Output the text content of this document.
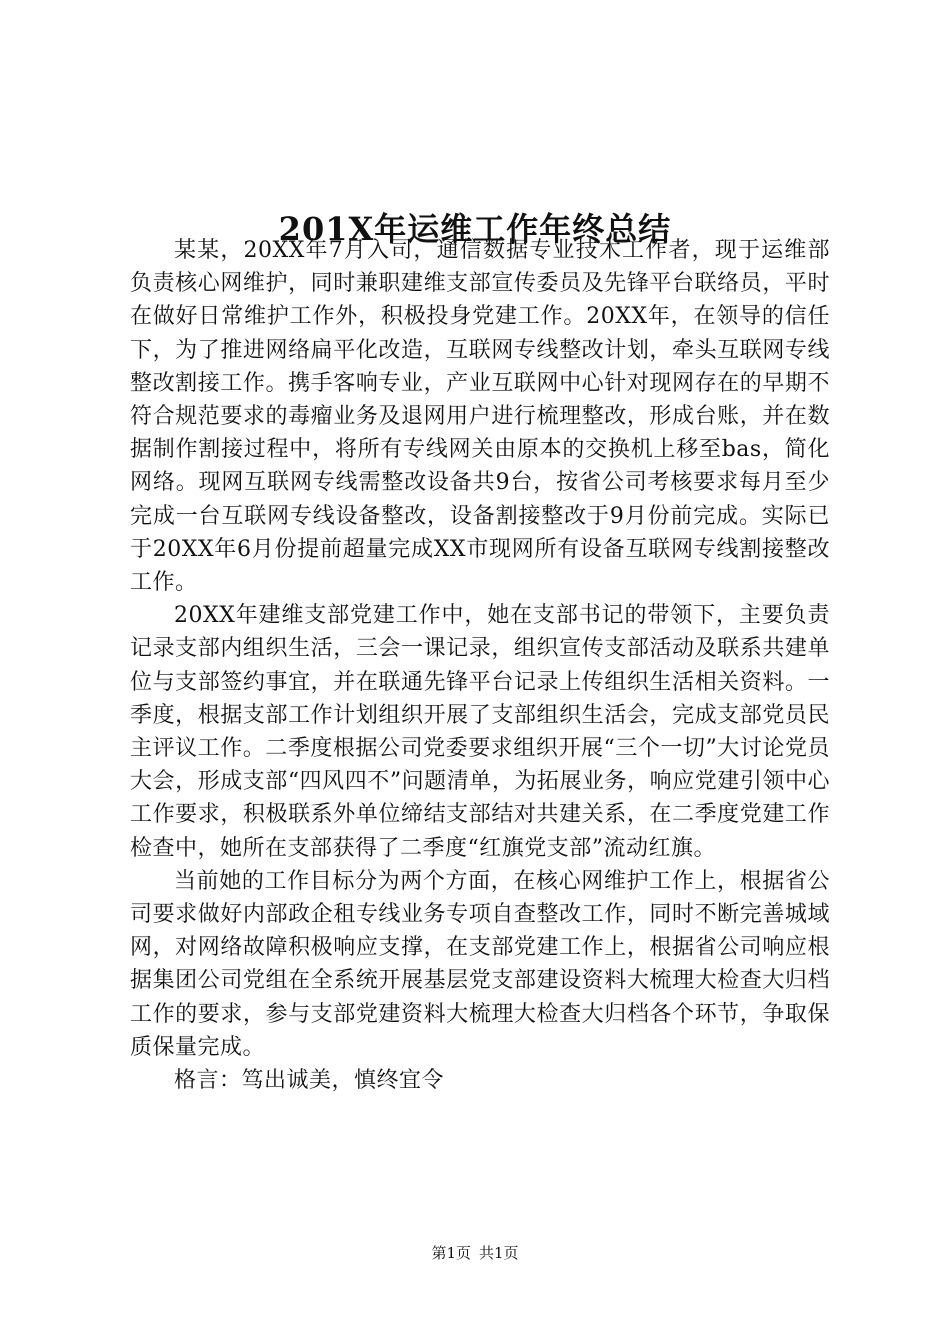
201X年运维工作年终总结

某某，20XX年7月入司，通信数据专业技术工作者，现于运维部负责核心网维护，同时兼职建维支部宣传委员及先锋平台联络员，平时在做好日常维护工作外，积极投身党建工作。20XX年，在领导的信任下，为了推进网络扁平化改造，互联网专线整改计划，牵头互联网专线整改割接工作。携手客响专业，产业互联网中心针对现网存在的早期不符合规范要求的毒瘤业务及退网用户进行梳理整改，形成台账，并在数据制作割接过程中，将所有专线网关由原本的交换机上移至bas，简化网络。现网互联网专线需整改设备共9台，按省公司考核要求每月至少完成一台互联网专线设备整改，设备割接整改于9月份前完成。实际已于20XX年6月份提前超量完成XX市现网所有设备互联网专线割接整改工作。

20XX年建维支部党建工作中，她在支部书记的带领下，主要负责记录支部内组织生活，三会一课记录，组织宣传支部活动及联系共建单位与支部签约事宜，并在联通先锋平台记录上传组织生活相关资料。一季度，根据支部工作计划组织开展了支部组织生活会，完成支部党员民主评议工作。二季度根据公司党委要求组织开展“三个一切”大讨论党员大会，形成支部“四风四不”问题清单，为拓展业务，响应党建引领中心工作要求，积极联系外单位缔结支部结对共建关系，在二季度党建工作检查中，她所在支部获得了二季度“红旗党支部”流动红旗。

当前她的工作目标分为两个方面，在核心网维护工作上，根据省公司要求做好内部政企租专线业务专项自查整改工作，同时不断完善城域网，对网络故障积极响应支撑，在支部党建工作上，根据省公司响应根据集团公司党组在全系统开展基层党支部建设资料大梳理大检查大归档工作的要求，参与支部党建资料大梳理大检查大归档各个环节，争取保质保量完成。

格言：笃出诚美，慎终宜令

第1页 共1页
